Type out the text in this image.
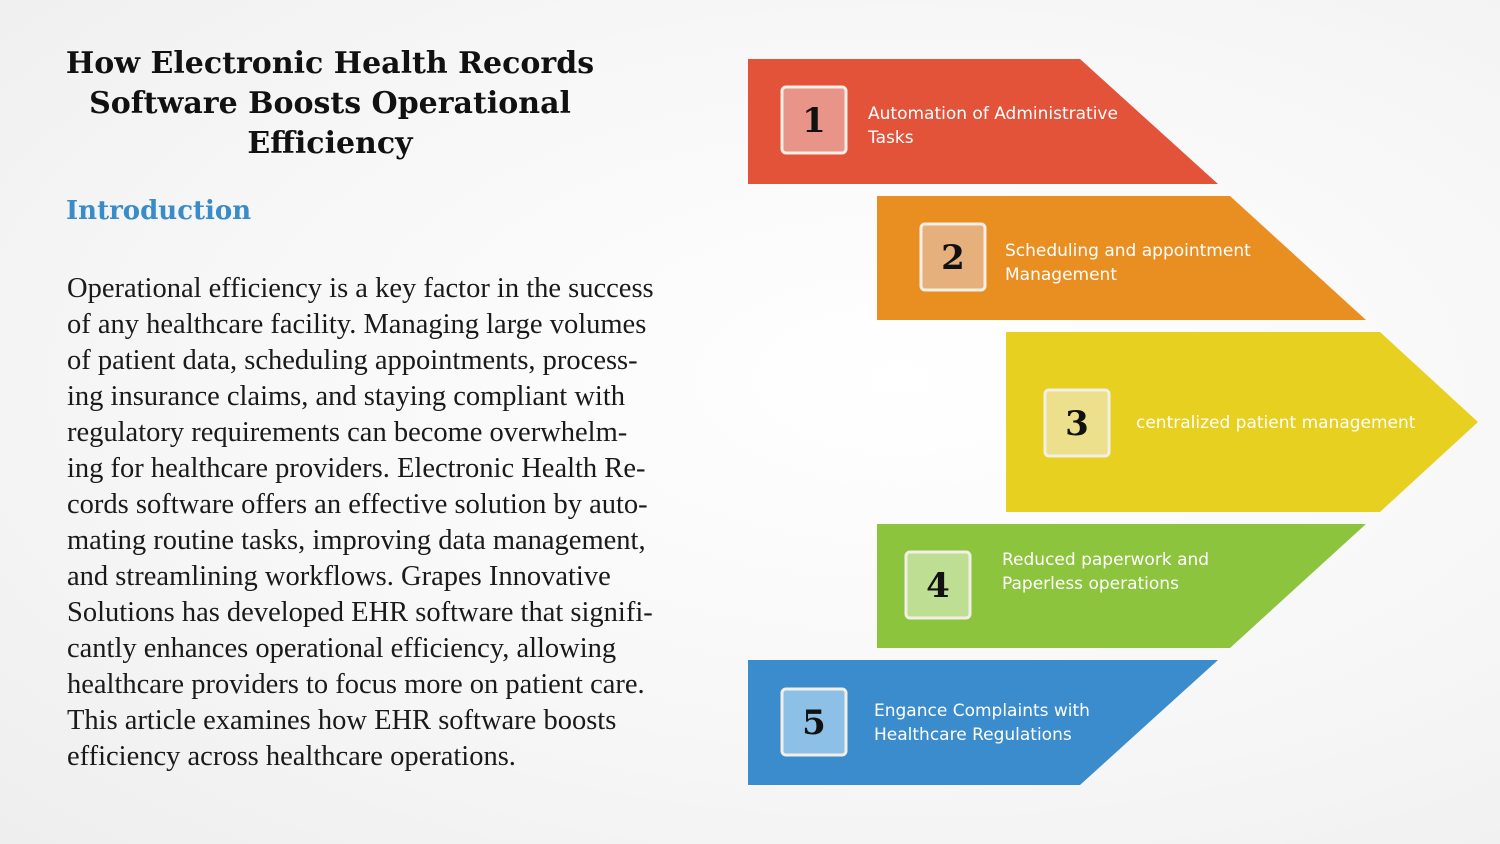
How Electronic Health Records
Software Boosts Operational
Efficiency
Introduction
Operational efficiency is a key factor in the success
of any healthcare facility. Managing large volumes
of patient data, scheduling appointments, process-
ing insurance claims, and staying compliant with
regulatory requirements can become overwhelm-
ing for healthcare providers. Electronic Health Re-
cords software offers an effective solution by auto-
mating routine tasks, improving data management,
and streamlining workflows. Grapes Innovative
Solutions has developed EHR software that signifi-
cantly enhances operational efficiency, allowing
healthcare providers to focus more on patient care.
This article examines how EHR software boosts
efficiency across healthcare operations.
1 Automation of Administrative
Tasks
2 Scheduling and appointment
Management
3	centralized patient management
4
Reduced paperwork and
Paperless operations
5	Engance Complaints with
Healthcare Regulations
